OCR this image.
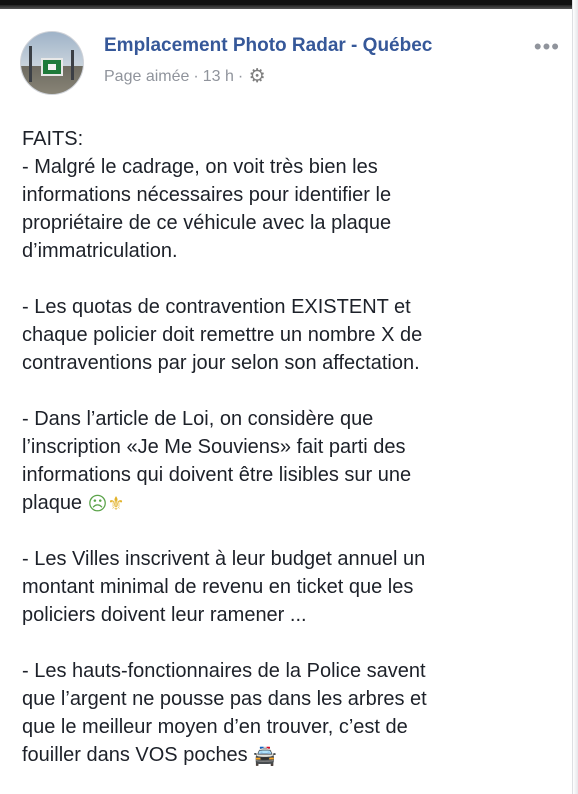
Emplacement Photo Radar - Québec
Page aimée · 13 h · ⚙
•••

FAITS:
- Malgré le cadrage, on voit très bien les
informations nécessaires pour identifier le
propriétaire de ce véhicule avec la plaque
d’immatriculation.

- Les quotas de contravention EXISTENT et
chaque policier doit remettre un nombre X de
contraventions par jour selon son affectation.

- Dans l’article de Loi, on considère que
l’inscription «Je Me Souviens» fait parti des
informations qui doivent être lisibles sur une
plaque ☹⚜

- Les Villes inscrivent à leur budget annuel un
montant minimal de revenu en ticket que les
policiers doivent leur ramener ...

- Les hauts-fonctionnaires de la Police savent
que l’argent ne pousse pas dans les arbres et
que le meilleur moyen d’en trouver, c’est de
fouiller dans VOS poches 🚔
